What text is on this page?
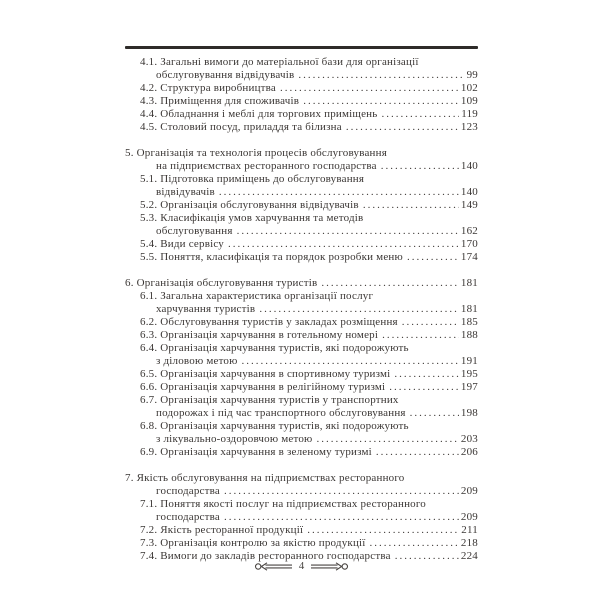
4.1. Загальні вимоги до матеріальної бази для організації
обслуговування відвідувачів .....	99
4.2. Структура виробництва .....	102
4.3. Приміщення для споживачів .....	109
4.4. Обладнання і меблі для торгових приміщень .....	119
4.5. Столовий посуд, приладдя та білизна .....	123
5. Організація та технологія процесів обслуговування
на підприємствах ресторанного господарства .....	140
5.1. Підготовка приміщень до обслуговування
відвідувачів .....	140
5.2. Організація обслуговування відвідувачів .....	149
5.3. Класифікація умов харчування та методів
обслуговування .....	162
5.4. Види сервісу .....	170
5.5. Поняття, класифікація та порядок розробки меню .....	174
6. Організація обслуговування туристів .....	181
6.1. Загальна характеристика організації послуг
харчування туристів .....	181
6.2. Обслуговування туристів у закладах розміщення .....	185
6.3. Організація харчування в готельному номері .....	188
6.4. Організація харчування туристів, які подорожують
з діловою метою .....	191
6.5. Організація харчування в спортивному туризмі .....	195
6.6. Організація харчування в релігійному туризмі .....	197
6.7. Організація харчування туристів у транспортних
подорожах і під час транспортного обслуговування .....	198
6.8. Організація харчування туристів, які подорожують
з лікувально-оздоровчою метою .....	203
6.9. Організація харчування в зеленому туризмі .....	206
7. Якість обслуговування на підприємствах ресторанного
господарства .....	209
7.1. Поняття якості послуг на підприємствах ресторанного
господарства .....	209
7.2. Якість ресторанної продукції .....	211
7.3. Організація контролю за якістю продукції .....	218
7.4. Вимоги до закладів ресторанного господарства .....	224
4
